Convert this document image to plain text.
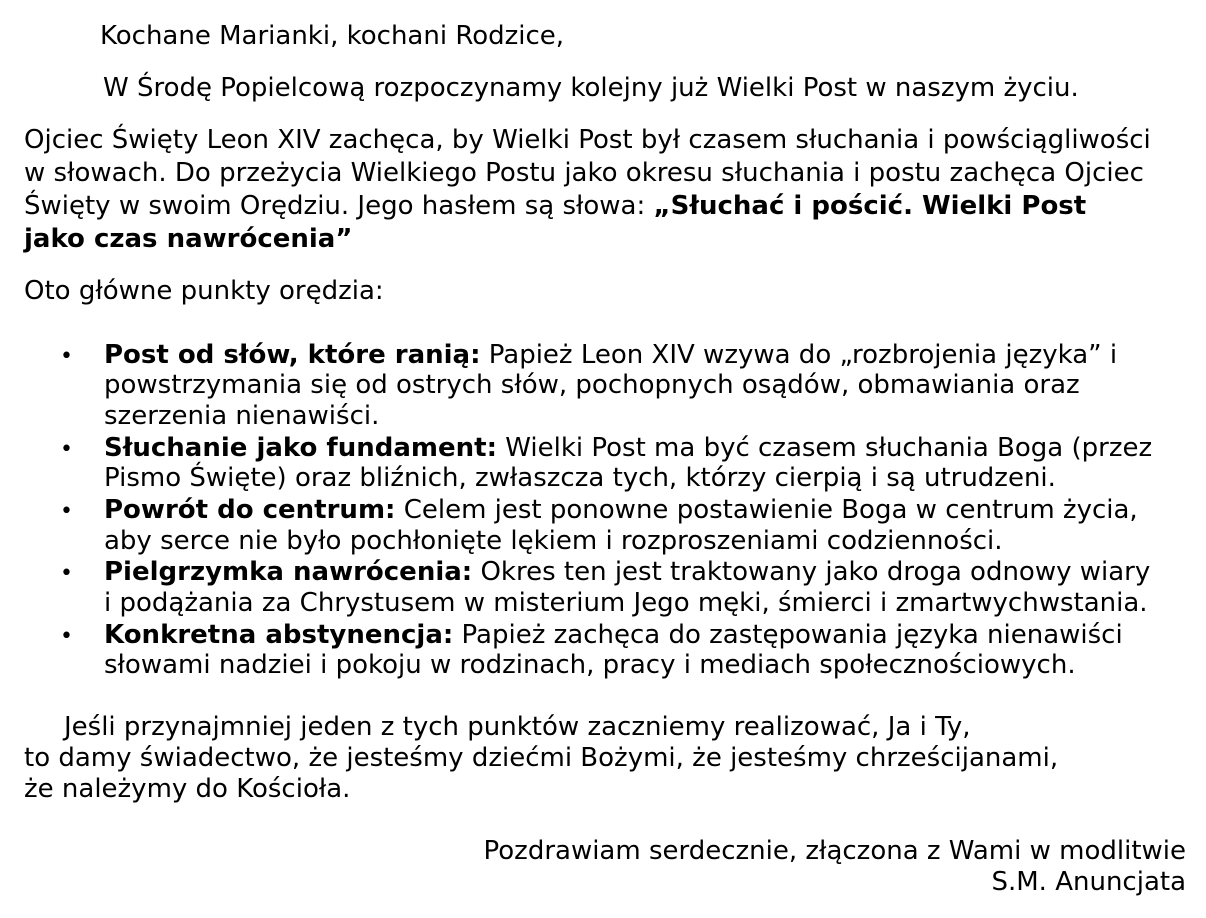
Kochane Marianki, kochani Rodzice,
W Środę Popielcową rozpoczynamy kolejny już Wielki Post w naszym życiu.
Ojciec Święty Leon XIV zachęca, by Wielki Post był czasem słuchania i powściągliwości
w słowach. Do przeżycia Wielkiego Postu jako okresu słuchania i postu zachęca Ojciec
Święty w swoim Orędziu. Jego hasłem są słowa: „Słuchać i pościć. Wielki Post
jako czas nawrócenia”
Oto główne punkty orędzia:
• Post od słów, które ranią: Papież Leon XIV wzywa do „rozbrojenia języka” i
powstrzymania się od ostrych słów, pochopnych osądów, obmawiania oraz
szerzenia nienawiści.
• Słuchanie jako fundament: Wielki Post ma być czasem słuchania Boga (przez
Pismo Święte) oraz bliźnich, zwłaszcza tych, którzy cierpią i są utrudzeni.
• Powrót do centrum: Celem jest ponowne postawienie Boga w centrum życia,
aby serce nie było pochłonięte lękiem i rozproszeniami codzienności.
• Pielgrzymka nawrócenia: Okres ten jest traktowany jako droga odnowy wiary
i podążania za Chrystusem w misterium Jego męki, śmierci i zmartwychwstania.
• Konkretna abstynencja: Papież zachęca do zastępowania języka nienawiści
słowami nadziei i pokoju w rodzinach, pracy i mediach społecznościowych.
Jeśli przynajmniej jeden z tych punktów zaczniemy realizować, Ja i Ty,
to damy świadectwo, że jesteśmy dziećmi Bożymi, że jesteśmy chrześcijanami,
że należymy do Kościoła.
Pozdrawiam serdecznie, złączona z Wami w modlitwie
S.M. Anuncjata
